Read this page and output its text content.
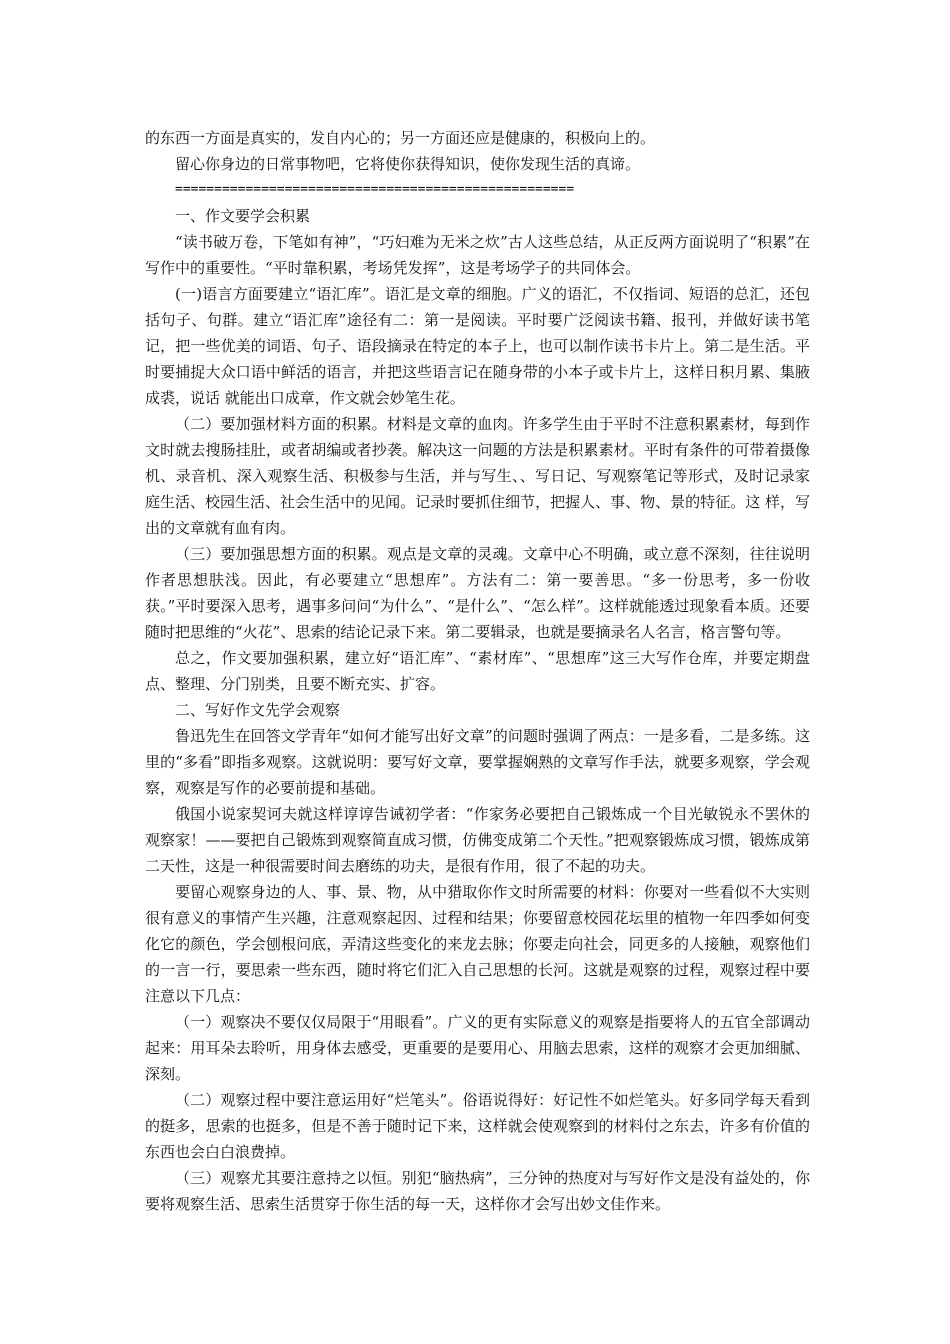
的东西一方面是真实的，发自内心的；另一方面还应是健康的，积极向上的。

留心你身边的日常事物吧，它将使你获得知识，使你发现生活的真谛。

===================================================

一、作文要学会积累

“读书破万卷，下笔如有神”，“巧妇难为无米之炊”古人这些总结，从正反两方面说明了“积累”在写作中的重要性。“平时靠积累，考场凭发挥”，这是考场学子的共同体会。

(一)语言方面要建立“语汇库”。语汇是文章的细胞。广义的语汇，不仅指词、短语的总汇，还包括句子、句群。建立“语汇库”途径有二：第一是阅读。平时要广泛阅读书籍、报刊，并做好读书笔记，把一些优美的词语、句子、语段摘录在特定的本子上，也可以制作读书卡片上。第二是生活。平时要捕捉大众口语中鲜活的语言，并把这些语言记在随身带的小本子或卡片上，这样日积月累、集腋成裘，说话 就能出口成章，作文就会妙笔生花。

（二）要加强材料方面的积累。材料是文章的血肉。许多学生由于平时不注意积累素材，每到作文时就去搜肠挂肚，或者胡编或者抄袭。解决这一问题的方法是积累素材。平时有条件的可带着摄像机、录音机、深入观察生活、积极参与生活，并与写生、、写日记、写观察笔记等形式，及时记录家庭生活、校园生活、社会生活中的见闻。记录时要抓住细节，把握人、事、物、景的特征。这 样，写出的文章就有血有肉。

（三）要加强思想方面的积累。观点是文章的灵魂。文章中心不明确，或立意不深刻，往往说明作者思想肤浅。因此，有必要建立“思想库”。方法有二：第一要善思。“多一份思考，多一份收获。”平时要深入思考，遇事多问问“为什么”、“是什么”、“怎么样”。这样就能透过现象看本质。还要随时把思维的“火花”、思索的结论记录下来。第二要辑录，也就是要摘录名人名言，格言警句等。

总之，作文要加强积累，建立好“语汇库”、“素材库”、“思想库”这三大写作仓库，并要定期盘点、整理、分门别类，且要不断充实、扩容。

二、写好作文先学会观察

鲁迅先生在回答文学青年“如何才能写出好文章”的问题时强调了两点：一是多看，二是多练。这里的“多看”即指多观察。这就说明：要写好文章，要掌握娴熟的文章写作手法，就要多观察，学会观察，观察是写作的必要前提和基础。

俄国小说家契诃夫就这样谆谆告诫初学者：“作家务必要把自己锻炼成一个目光敏锐永不罢休的观察家！——要把自己锻炼到观察简直成习惯，仿佛变成第二个天性。”把观察锻炼成习惯，锻炼成第二天性，这是一种很需要时间去磨练的功夫，是很有作用，很了不起的功夫。

要留心观察身边的人、事、景、物，从中猎取你作文时所需要的材料：你要对一些看似不大实则很有意义的事情产生兴趣，注意观察起因、过程和结果；你要留意校园花坛里的植物一年四季如何变化它的颜色，学会刨根问底，弄清这些变化的来龙去脉；你要走向社会，同更多的人接触，观察他们的一言一行，要思索一些东西，随时将它们汇入自己思想的长河。这就是观察的过程，观察过程中要注意以下几点：

（一）观察决不要仅仅局限于“用眼看”。广义的更有实际意义的观察是指要将人的五官全部调动起来：用耳朵去聆听，用身体去感受，更重要的是要用心、用脑去思索，这样的观察才会更加细腻、深刻。

（二）观察过程中要注意运用好“烂笔头”。俗语说得好：好记性不如烂笔头。好多同学每天看到的挺多，思索的也挺多，但是不善于随时记下来，这样就会使观察到的材料付之东去，许多有价值的东西也会白白浪费掉。

（三）观察尤其要注意持之以恒。别犯“脑热病”，三分钟的热度对与写好作文是没有益处的，你要将观察生活、思索生活贯穿于你生活的每一天，这样你才会写出妙文佳作来。
